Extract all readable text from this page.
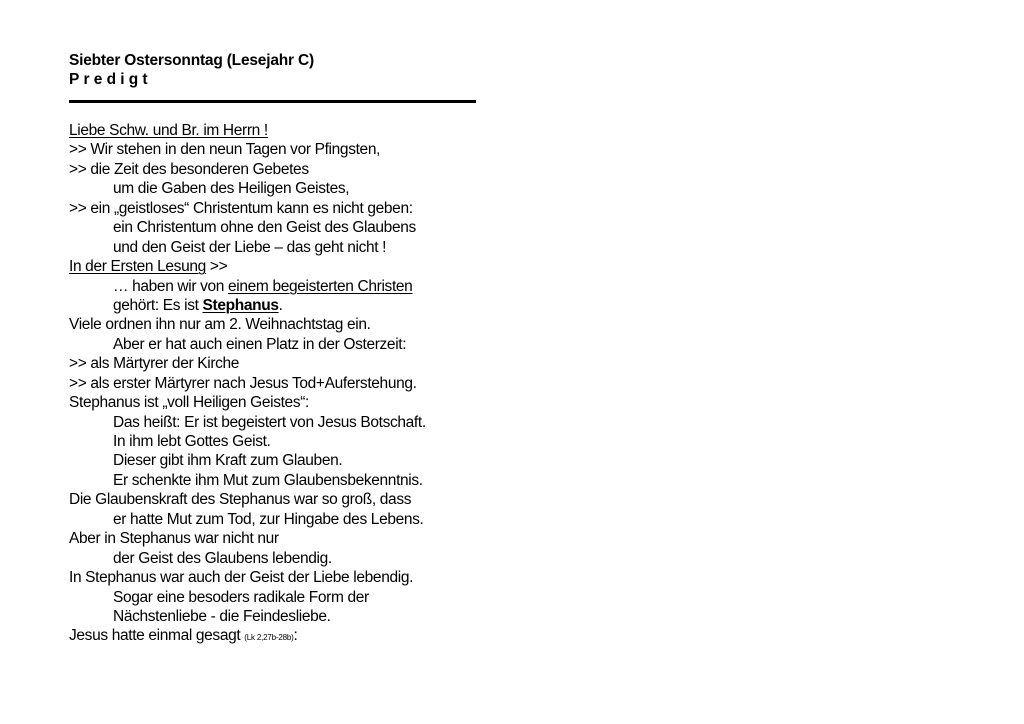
Siebter Ostersonntag (Lesejahr C)
Predigt
Liebe Schw. und Br. im Herrn !
>> Wir stehen in den neun Tagen vor Pfingsten,
>> die Zeit des besonderen Gebetes
um die Gaben des Heiligen Geistes,
>> ein „geistloses“ Christentum kann es nicht geben:
ein Christentum ohne den Geist des Glaubens
und den Geist der Liebe – das geht nicht !
In der Ersten Lesung >>
… haben wir von einem begeisterten Christen
gehört: Es ist Stephanus.
Viele ordnen ihn nur am 2. Weihnachtstag ein.
Aber er hat auch einen Platz in der Osterzeit:
>> als Märtyrer der Kirche
>> als erster Märtyrer nach Jesus Tod+Auferstehung.
Stephanus ist „voll Heiligen Geistes“:
Das heißt: Er ist begeistert von Jesus Botschaft.
In ihm lebt Gottes Geist.
Dieser gibt ihm Kraft zum Glauben.
Er schenkte ihm Mut zum Glaubensbekenntnis.
Die Glaubenskraft des Stephanus war so groß, dass
er hatte Mut zum Tod, zur Hingabe des Lebens.
Aber in Stephanus war nicht nur
der Geist des Glaubens lebendig.
In Stephanus war auch der Geist der Liebe lebendig.
Sogar eine besoders radikale Form der
Nächstenliebe - die Feindesliebe.
Jesus hatte einmal gesagt (Lk 2,27b-28b):
